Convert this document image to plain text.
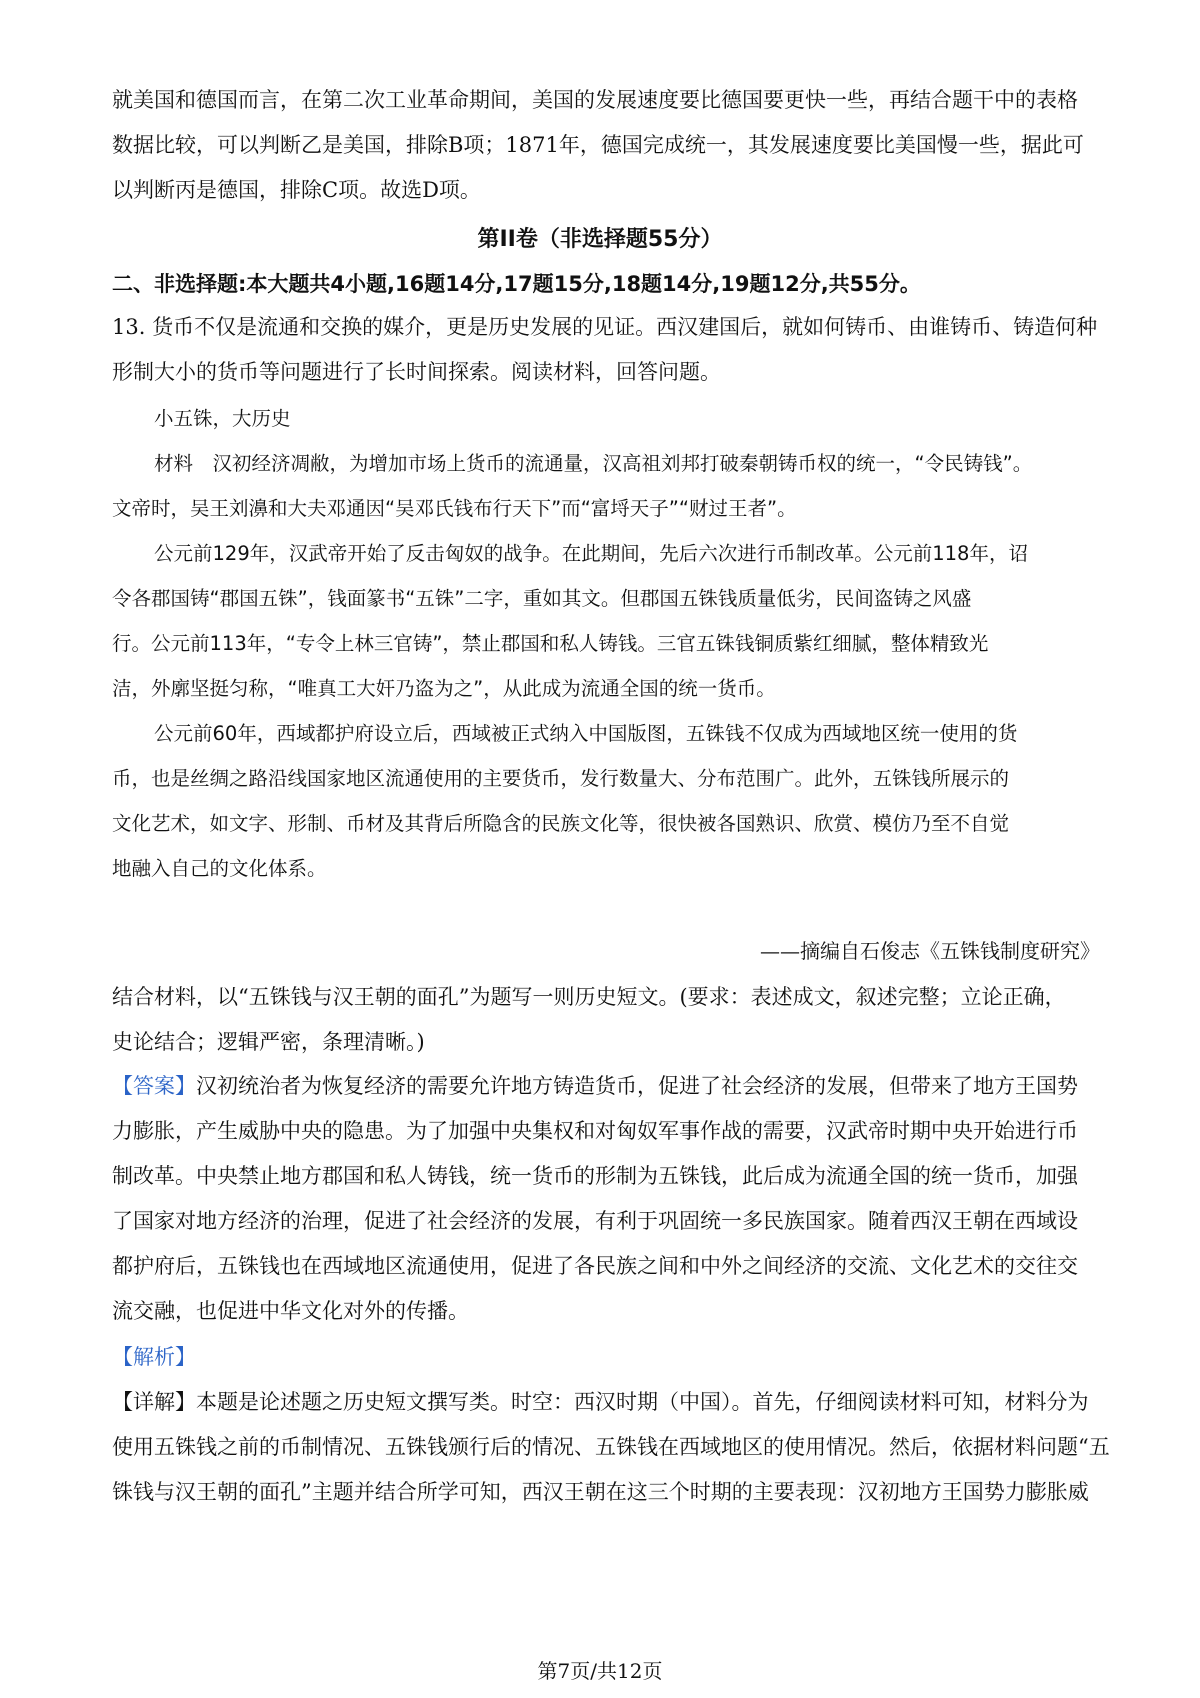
就美国和德国而言，在第二次工业革命期间，美国的发展速度要比德国要更快一些，再结合题干中的表格
数据比较，可以判断乙是美国，排除B项；1871年，德国完成统一，其发展速度要比美国慢一些，据此可
以判断丙是德国，排除C项。故选D项。
第II卷（非选择题55分）
二、非选择题:本大题共4小题,16题14分,17题15分,18题14分,19题12分,共55分。
13. 货币不仅是流通和交换的媒介，更是历史发展的见证。西汉建国后，就如何铸币、由谁铸币、铸造何种
形制大小的货币等问题进行了长时间探索。阅读材料，回答问题。
小五铢，大历史
材料　汉初经济凋敝，为增加市场上货币的流通量，汉高祖刘邦打破秦朝铸币权的统一，“令民铸钱”。
文帝时，吴王刘濞和大夫邓通因“吴邓氏钱布行天下”而“富埒天子”“财过王者”。
公元前129年，汉武帝开始了反击匈奴的战争。在此期间，先后六次进行币制改革。公元前118年，诏
令各郡国铸“郡国五铢”，钱面篆书“五铢”二字，重如其文。但郡国五铢钱质量低劣，民间盗铸之风盛
行。公元前113年，“专令上林三官铸”，禁止郡国和私人铸钱。三官五铢钱铜质紫红细腻，整体精致光
洁，外廓坚挺匀称，“唯真工大奸乃盗为之”，从此成为流通全国的统一货币。
公元前60年，西域都护府设立后，西域被正式纳入中国版图，五铢钱不仅成为西域地区统一使用的货
币，也是丝绸之路沿线国家地区流通使用的主要货币，发行数量大、分布范围广。此外，五铢钱所展示的
文化艺术，如文字、形制、币材及其背后所隐含的民族文化等，很快被各国熟识、欣赏、模仿乃至不自觉
地融入自己的文化体系。
——摘编自石俊志《五铢钱制度研究》
结合材料，以“五铢钱与汉王朝的面孔”为题写一则历史短文。(要求：表述成文，叙述完整；立论正确，
史论结合；逻辑严密，条理清晰。)
【答案】汉初统治者为恢复经济的需要允许地方铸造货币，促进了社会经济的发展，但带来了地方王国势
力膨胀，产生威胁中央的隐患。为了加强中央集权和对匈奴军事作战的需要，汉武帝时期中央开始进行币
制改革。中央禁止地方郡国和私人铸钱，统一货币的形制为五铢钱，此后成为流通全国的统一货币，加强
了国家对地方经济的治理，促进了社会经济的发展，有利于巩固统一多民族国家。随着西汉王朝在西域设
都护府后，五铢钱也在西域地区流通使用，促进了各民族之间和中外之间经济的交流、文化艺术的交往交
流交融，也促进中华文化对外的传播。
【解析】
【详解】本题是论述题之历史短文撰写类。时空：西汉时期（中国）。首先，仔细阅读材料可知，材料分为
使用五铢钱之前的币制情况、五铢钱颁行后的情况、五铢钱在西域地区的使用情况。然后，依据材料问题“五
铢钱与汉王朝的面孔”主题并结合所学可知，西汉王朝在这三个时期的主要表现：汉初地方王国势力膨胀威
第7页/共12页
